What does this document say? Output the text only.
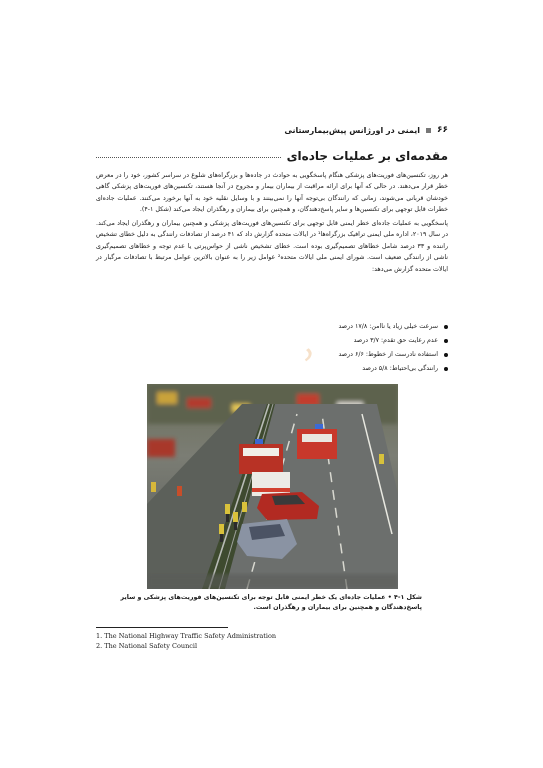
۶۶
ایمنی در اورژانس پیش‌بیمارستانی
مقدمه‌ای بر عملیات جاده‌ای

هر روز، تکنسین‌های فوریت‌های پزشکی هنگام پاسخگویی به حوادث در جاده‌ها و بزرگراه‌های شلوغ در سراسر کشور، خود را در معرض خطر قرار می‌دهند. در حالی که آنها برای ارائه مراقبت از بیماران بیمار و مجروح در آنجا هستند، تکنسین‌های فوریت‌های پزشکی گاهی خودشان قربانی می‌شوند، زمانی که رانندگان بی‌توجه آنها را نمی‌بینند و با وسایل نقلیه خود به آنها برخورد می‌کنند. عملیات جاده‌ای خطرات قابل توجهی برای تکنسین‌ها و سایر پاسخ‌دهندگان، و همچنین برای بیماران و رهگذران ایجاد می‌کند (شکل ۱-۴).

پاسخگویی به عملیات جاده‌ای خطر ایمنی قابل توجهی برای تکنسین‌های فوریت‌های پزشکی و همچنین بیماران و رهگذران ایجاد می‌کند. در سال ۲۰۱۹، اداره ملی ایمنی ترافیک بزرگراه‌ها¹ در ایالات متحده گزارش داد که ۴۱ درصد از تصادفات رانندگی به دلیل خطای تشخیص راننده و ۳۳ درصد شامل خطاهای تصمیم‌گیری بوده است. خطای تشخیص ناشی از حواس‌پرتی یا عدم توجه و خطاهای تصمیم‌گیری ناشی از رانندگی ضعیف است. شورای ایمنی ملی ایالات متحده² عوامل زیر را به عنوان بالاترین عوامل مرتبط با تصادفات مرگبار در ایالات متحده گزارش می‌دهد:

ر
سرعت خیلی زیاد یا ناامن: ۱۷/۸ درصد
عدم رعایت حق تقدم: ۳/۷ درصد
استفاده نادرست از خطوط: ۶/۶ درصد
رانندگی بی‌احتیاط: ۵/۸ درصد

شکل ۱-۴ • عملیات جاده‌ای یک خطر ایمنی قابل توجه برای تکنسین‌های فوریت‌های پزشکی و سایر پاسخ‌دهندگان و همچنین برای بیماران و رهگذران است.

1. The National Highway Traffic Safety Administration
2. The National Safety Council
